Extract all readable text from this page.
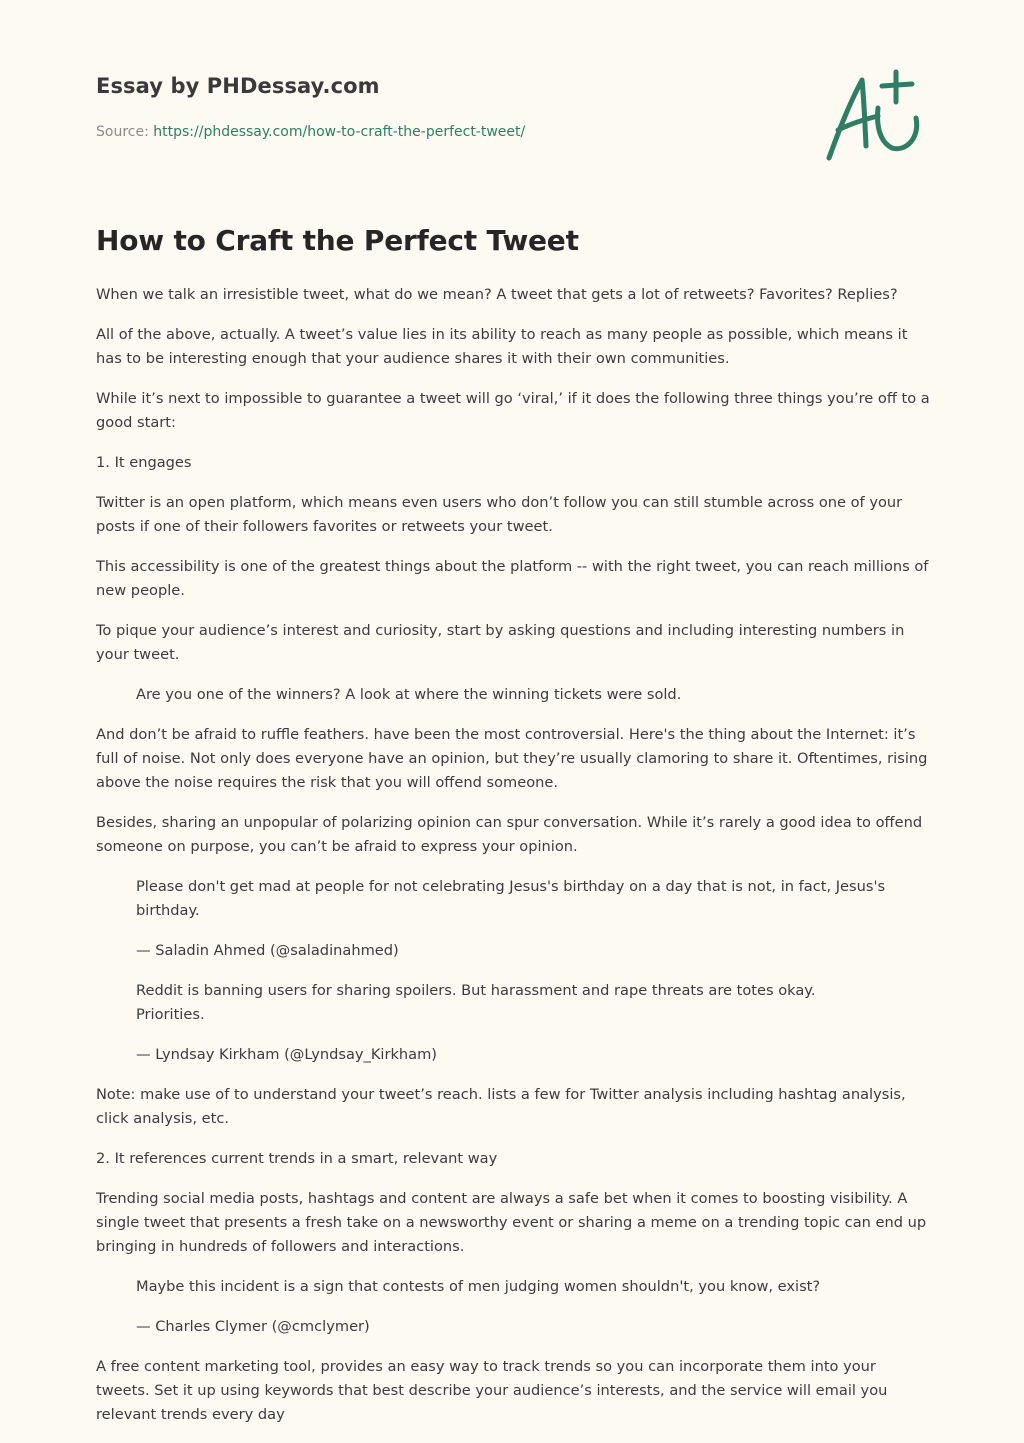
Essay by PHDessay.com
Source: https://phdessay.com/how-to-craft-the-perfect-tweet/
How to Craft the Perfect Tweet

When we talk an irresistible tweet, what do we mean? A tweet that gets a lot of retweets? Favorites? Replies?

All of the above, actually. A tweet’s value lies in its ability to reach as many people as possible, which means it has to be interesting enough that your audience shares it with their own communities.

While it’s next to impossible to guarantee a tweet will go ‘viral,’ if it does the following three things you’re off to a good start:

1. It engages

Twitter is an open platform, which means even users who don’t follow you can still stumble across one of your posts if one of their followers favorites or retweets your tweet.

This accessibility is one of the greatest things about the platform -- with the right tweet, you can reach millions of new people.

To pique your audience’s interest and curiosity, start by asking questions and including interesting numbers in your tweet.

Are you one of the winners? A look at where the winning tickets were sold.

And don’t be afraid to ruffle feathers. have been the most controversial. Here's the thing about the Internet: it’s full of noise. Not only does everyone have an opinion, but they’re usually clamoring to share it. Oftentimes, rising above the noise requires the risk that you will offend someone.

Besides, sharing an unpopular of polarizing opinion can spur conversation. While it’s rarely a good idea to offend someone on purpose, you can’t be afraid to express your opinion.

Please don't get mad at people for not celebrating Jesus's birthday on a day that is not, in fact, Jesus's birthday.

— Saladin Ahmed (@saladinahmed)

Reddit is banning users for sharing spoilers. But harassment and rape threats are totes okay.
Priorities.

— Lyndsay Kirkham (@Lyndsay_Kirkham)

Note: make use of to understand your tweet’s reach. lists a few for Twitter analysis including hashtag analysis, click analysis, etc.

2. It references current trends in a smart, relevant way

Trending social media posts, hashtags and content are always a safe bet when it comes to boosting visibility. A single tweet that presents a fresh take on a newsworthy event or sharing a meme on a trending topic can end up bringing in hundreds of followers and interactions.

Maybe this incident is a sign that contests of men judging women shouldn't, you know, exist?

— Charles Clymer (@cmclymer)

A free content marketing tool, provides an easy way to track trends so you can incorporate them into your tweets. Set it up using keywords that best describe your audience’s interests, and the service will email you relevant trends every day
